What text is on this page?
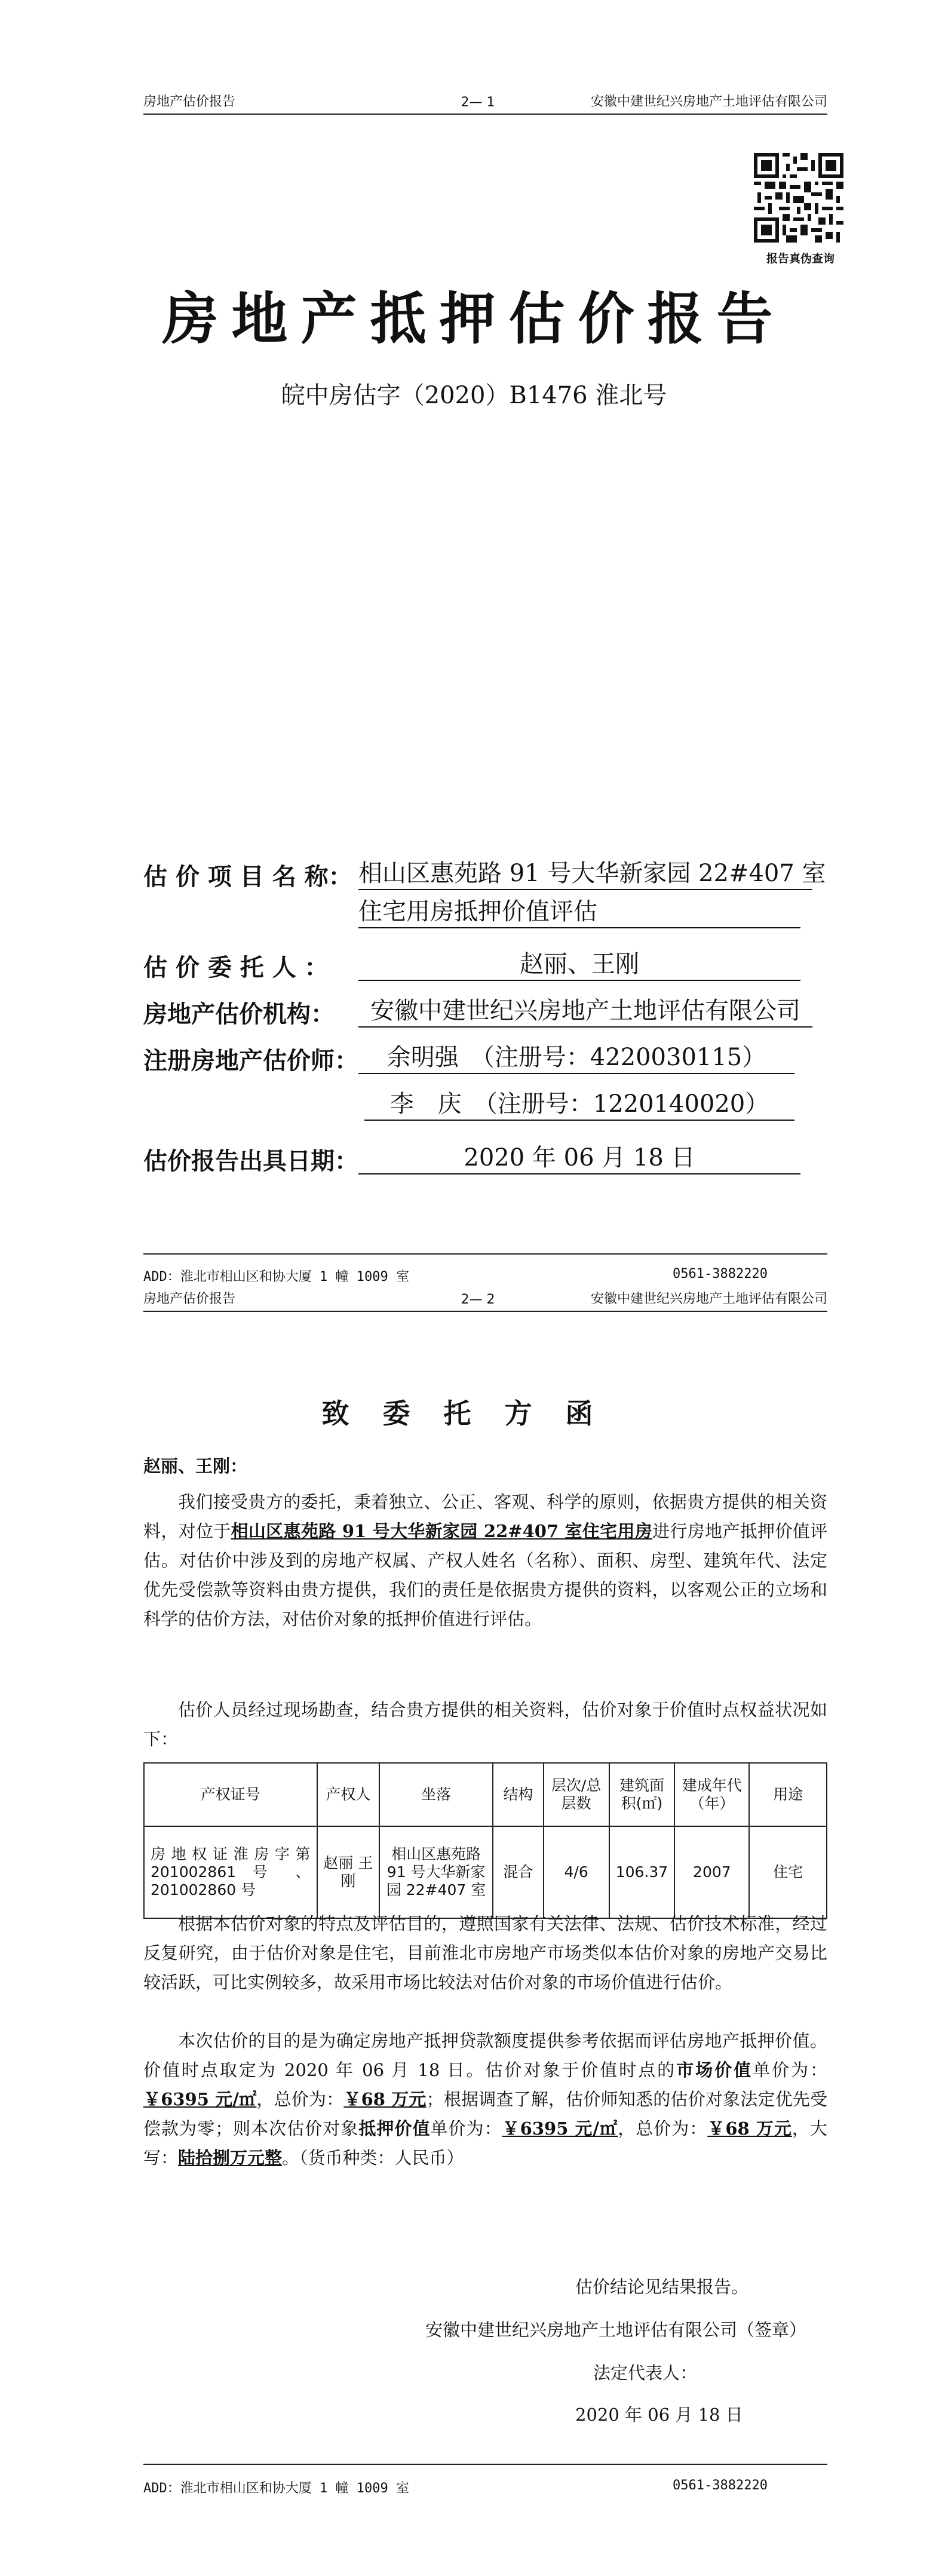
房地产估价报告	2— 1	安徽中建世纪兴房地产土地评估有限公司
报告真伪查询
房地产抵押估价报告
皖中房估字（2020）B1476 淮北号
估 价 项 目 名 称： 相山区惠苑路 91 号大华新家园 22#407 室
住宅用房抵押价值评估
估 价 委 托 人 ：	赵丽、王刚
房地产估价机构：	安徽中建世纪兴房地产土地评估有限公司
注册房地产估价师：	余明强　（注册号：4220030115）
李　庆　（注册号：1220140020）
估价报告出具日期：	2020 年 06 月 18 日
ADD：淮北市相山区和协大厦 1 幢 1009 室	0561-3882220
房地产估价报告	2— 2	安徽中建世纪兴房地产土地评估有限公司
致委托方函
赵丽、王刚：
我们接受贵方的委托，秉着独立、公正、客观、科学的原则，依据贵方提供的相关资料，对位于相山区惠苑路 91 号大华新家园 22#407 室住宅用房进行房地产抵押价值评估。对估价中涉及到的房地产权属、产权人姓名（名称）、面积、房型、建筑年代、法定优先受偿款等资料由贵方提供，我们的责任是依据贵方提供的资料，以客观公正的立场和科学的估价方法，对估价对象的抵押价值进行评估。
估价人员经过现场勘查，结合贵方提供的相关资料，估价对象于价值时点权益状况如下：
产权证号	产权人	坐落	结构	层次/总层数	建筑面积(㎡)	建成年代（年）	用途
房地权证淮房字第 201002861 号 、201002860 号	赵丽 王刚	相山区惠苑路 91 号大华新家园 22#407 室	混合	4/6	106.37	2007	住宅
根据本估价对象的特点及评估目的，遵照国家有关法律、法规、估价技术标准，经过反复研究，由于估价对象是住宅，目前淮北市房地产市场类似本估价对象的房地产交易比较活跃，可比实例较多，故采用市场比较法对估价对象的市场价值进行估价。
本次估价的目的是为确定房地产抵押贷款额度提供参考依据而评估房地产抵押价值。价值时点取定为 2020 年 06 月 18 日。估价对象于价值时点的市场价值单价为：￥6395 元/㎡，总价为：￥68 万元；根据调查了解，估价师知悉的估价对象法定优先受偿款为零；则本次估价对象抵押价值单价为：￥6395 元/㎡，总价为：￥68 万元，大写：陆拾捌万元整。（货币种类：人民币）
估价结论见结果报告。
安徽中建世纪兴房地产土地评估有限公司（签章）
法定代表人：
2020 年 06 月 18 日
ADD：淮北市相山区和协大厦 1 幢 1009 室	0561-3882220
